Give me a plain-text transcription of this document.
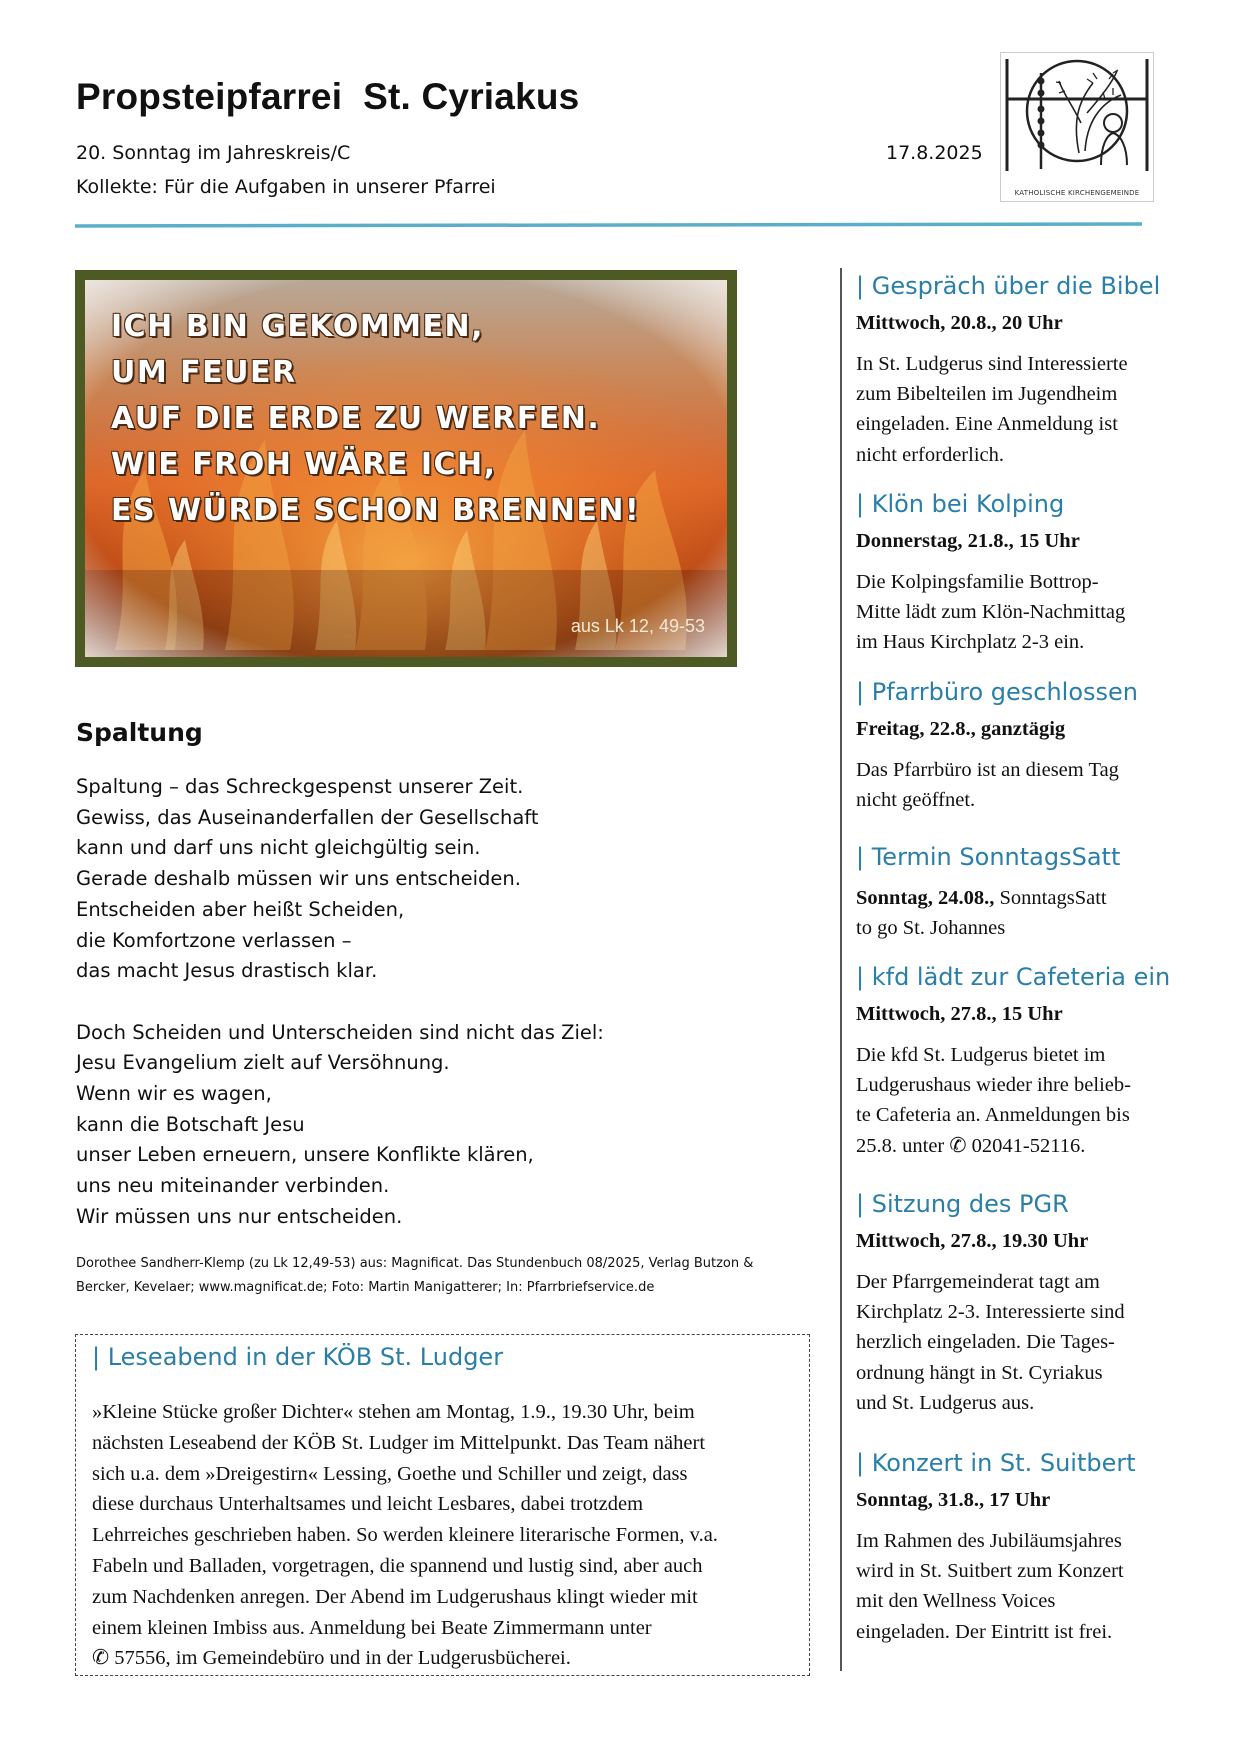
Propsteipfarrei  St. Cyriakus
20. Sonntag im Jahreskreis/C	17.8.2025
Kollekte: Für die Aufgaben in unserer Pfarrei	KATHOLISCHE KIRCHENGEMEINDE
ICH BIN GEKOMMEN,
UM FEUER
AUF DIE ERDE ZU WERFEN.
WIE FROH WÄRE ICH,
ES WÜRDE SCHON BRENNEN!
aus Lk 12, 49-53
Spaltung
Spaltung – das Schreckgespenst unserer Zeit.
Gewiss, das Auseinanderfallen der Gesellschaft
kann und darf uns nicht gleichgültig sein.
Gerade deshalb müssen wir uns entscheiden.
Entscheiden aber heißt Scheiden,
die Komfortzone verlassen –
das macht Jesus drastisch klar.
Doch Scheiden und Unterscheiden sind nicht das Ziel:
Jesu Evangelium zielt auf Versöhnung.
Wenn wir es wagen,
kann die Botschaft Jesu
unser Leben erneuern, unsere Konflikte klären,
uns neu miteinander verbinden.
Wir müssen uns nur entscheiden.
Dorothee Sandherr-Klemp (zu Lk 12,49-53) aus: Magnificat. Das Stundenbuch 08/2025, Verlag Butzon & Bercker, Kevelaer; www.magnificat.de; Foto: Martin Manigatterer; In: Pfarrbriefservice.de
| Leseabend in der KÖB St. Ludger
»Kleine Stücke großer Dichter« stehen am Montag, 1.9., 19.30 Uhr, beim
nächsten Leseabend der KÖB St. Ludger im Mittelpunkt. Das Team nähert
sich u.a. dem »Dreigestirn« Lessing, Goethe und Schiller und zeigt, dass
diese durchaus Unterhaltsames und leicht Lesbares, dabei trotzdem
Lehrreiches geschrieben haben. So werden kleinere literarische Formen, v.a.
Fabeln und Balladen, vorgetragen, die spannend und lustig sind, aber auch
zum Nachdenken anregen. Der Abend im Ludgerushaus klingt wieder mit
einem kleinen Imbiss aus. Anmeldung bei Beate Zimmermann unter
✆ 57556, im Gemeindebüro und in der Ludgerusbücherei.
| Gespräch über die Bibel
Mittwoch, 20.8., 20 Uhr
In St. Ludgerus sind Interessierte
zum Bibelteilen im Jugendheim
eingeladen. Eine Anmeldung ist
nicht erforderlich.
| Klön bei Kolping
Donnerstag, 21.8., 15 Uhr
Die Kolpingsfamilie Bottrop-
Mitte lädt zum Klön-Nachmittag
im Haus Kirchplatz 2-3 ein.
| Pfarrbüro geschlossen
Freitag, 22.8., ganztägig
Das Pfarrbüro ist an diesem Tag
nicht geöffnet.
| Termin SonntagsSatt
Sonntag, 24.08., SonntagsSatt
to go St. Johannes
| kfd lädt zur Cafeteria ein
Mittwoch, 27.8., 15 Uhr
Die kfd St. Ludgerus bietet im
Ludgerushaus wieder ihre belieb-
te Cafeteria an. Anmeldungen bis
25.8. unter ✆ 02041-52116.
| Sitzung des PGR
Mittwoch, 27.8., 19.30 Uhr
Der Pfarrgemeinderat tagt am
Kirchplatz 2-3. Interessierte sind
herzlich eingeladen. Die Tages-
ordnung hängt in St. Cyriakus
und St. Ludgerus aus.
| Konzert in St. Suitbert
Sonntag, 31.8., 17 Uhr
Im Rahmen des Jubiläumsjahres
wird in St. Suitbert zum Konzert
mit den Wellness Voices
eingeladen. Der Eintritt ist frei.
